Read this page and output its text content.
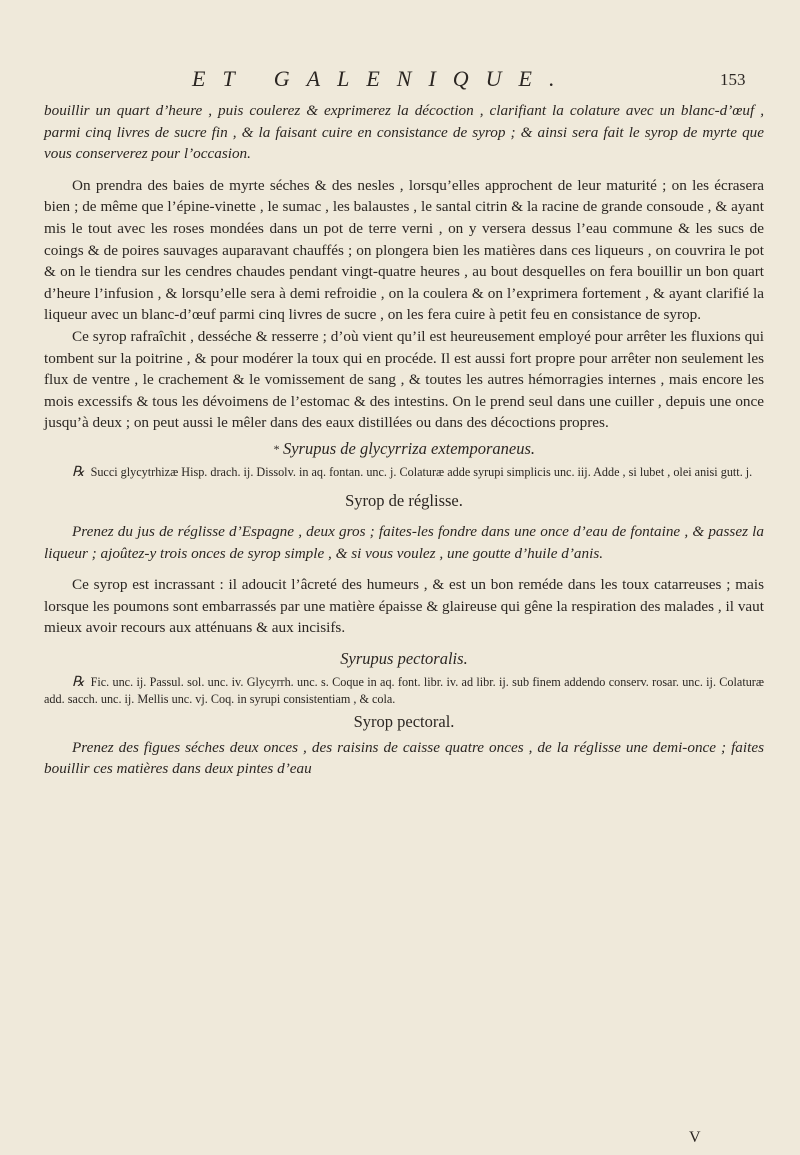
ET GALENIQUE.	153

bouillir un quart d’heure , puis coulerez & exprimerez la décoction , clarifiant la colature avec un blanc-d’œuf , parmi cinq livres de sucre fin , & la faisant cuire en consistance de syrop ; & ainsi sera fait le syrop de myrte que vous conserverez pour l’occasion.

On prendra des baies de myrte séches & des nesles , lorsqu’elles approchent de leur maturité ; on les écrasera bien ; de même que l’épine-vinette , le sumac , les balaustes , le santal citrin & la racine de grande consoude , & ayant mis le tout avec les roses mondées dans un pot de terre verni , on y versera dessus l’eau commune & les sucs de coings & de poires sauvages auparavant chauffés ; on plongera bien les matières dans ces liqueurs , on couvrira le pot & on le tiendra sur les cendres chaudes pendant vingt-quatre heures , au bout desquelles on fera bouillir un bon quart d’heure l’infusion , & lorsqu’elle sera à demi refroidie , on la coulera & on l’exprimera fortement , & ayant clarifié la liqueur avec un blanc-d’œuf parmi cinq livres de sucre , on les fera cuire à petit feu en consistance de syrop.

Ce syrop rafraîchit , desséche & resserre ; d’où vient qu’il est heureusement employé pour arrêter les fluxions qui tombent sur la poitrine , & pour modérer la toux qui en procéde. Il est aussi fort propre pour arrêter non seulement les flux de ventre , le crachement & le vomissement de sang , & toutes les autres hémorragies internes , mais encore les mois excessifs & tous les dévoimens de l’estomac & des intestins. On le prend seul dans une cuiller , depuis une once jusqu’à deux ; on peut aussi le mêler dans des eaux distillées ou dans des décoctions propres.

* Syrupus de glycyrriza extemporaneus.

℞ Succi glycytrhizæ Hisp. drach. ij. Dissolv. in aq. fontan. unc. j. Colaturæ adde syrupi simplicis unc. iij. Adde , si lubet , olei anisi gutt. j.

Syrop de réglisse.

Prenez du jus de réglisse d’Espagne , deux gros ; faites-les fondre dans une once d’eau de fontaine , & passez la liqueur ; ajoûtez-y trois onces de syrop simple , & si vous voulez , une goutte d’huile d’anis.

Ce syrop est incrassant : il adoucit l’âcreté des humeurs , & est un bon reméde dans les toux catarreuses ; mais lorsque les poumons sont embarrassés par une matière épaisse & glaireuse qui gêne la respiration des malades , il vaut mieux avoir recours aux atténuans & aux incisifs.

Syrupus pectoralis.

℞ Fic. unc. ij. Passul. sol. unc. iv. Glycyrrh. unc. s. Coque in aq. font. libr. iv. ad libr. ij. sub finem addendo conserv. rosar. unc. ij. Colaturæ add. sacch. unc. ij. Mellis unc. vj. Coq. in syrupi consistentiam , & cola.

Syrop pectoral.

Prenez des figues séches deux onces , des raisins de caisse quatre onces , de la réglisse une demi-once ; faites bouillir ces matières dans deux pintes d’eau

V
